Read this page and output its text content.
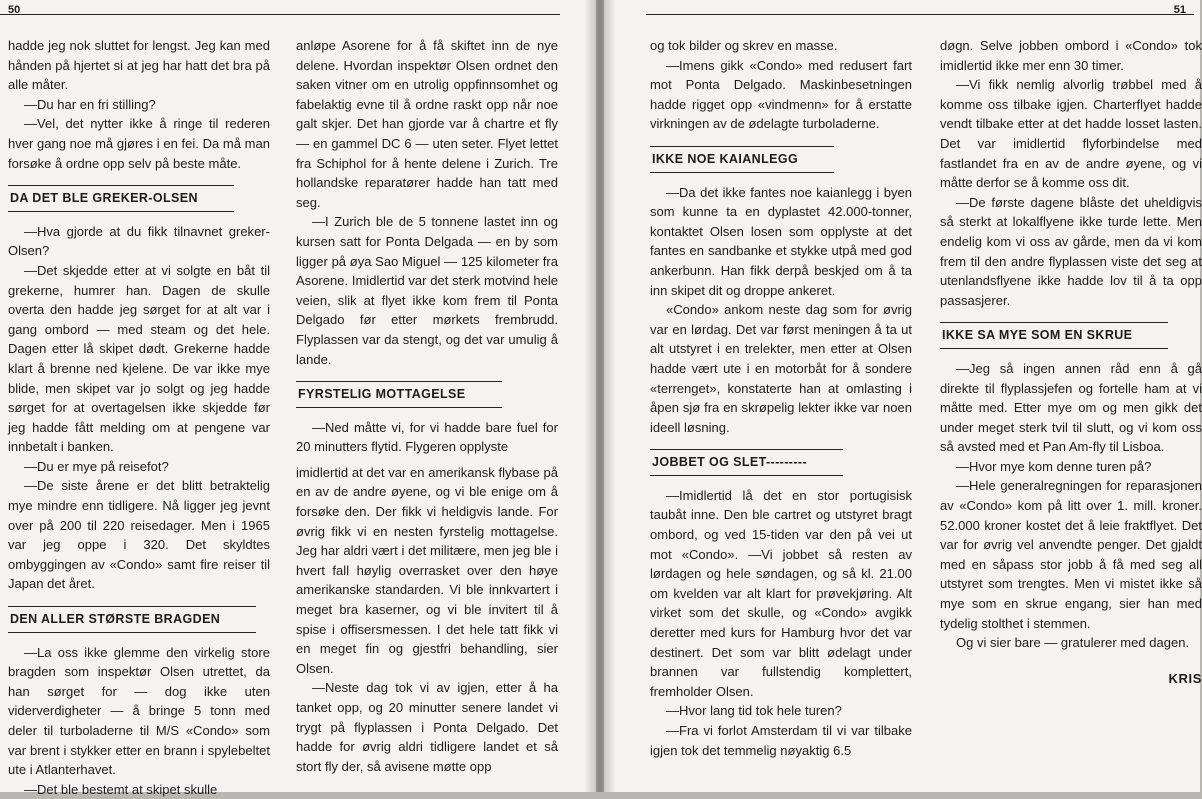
50

hadde jeg nok sluttet for lengst. Jeg kan med hånden på hjertet si at jeg har hatt det bra på alle måter.

—Du har en fri stilling?

—Vel, det nytter ikke å ringe til rederen hver gang noe må gjøres i en fei. Da må man forsøke å ordne opp selv på beste måte.

DA DET BLE GREKER-OLSEN

—Hva gjorde at du fikk tilnavnet greker-Olsen?

—Det skjedde etter at vi solgte en båt til grekerne, humrer han. Dagen de skulle overta den hadde jeg sørget for at alt var i gang ombord — med steam og det hele. Dagen etter lå skipet dødt. Grekerne hadde klart å brenne ned kjelene. De var ikke mye blide, men skipet var jo solgt og jeg hadde sørget for at overtagelsen ikke skjedde før jeg hadde fått melding om at pengene var innbetalt i banken.

—Du er mye på reisefot?

—De siste årene er det blitt betraktelig mye mindre enn tidligere. Nå ligger jeg jevnt over på 200 til 220 reisedager. Men i 1965 var jeg oppe i 320. Det skyldtes ombyggingen av «Condo» samt fire reiser til Japan det året.

DEN ALLER STØRSTE BRAGDEN

—La oss ikke glemme den virkelig store bragden som inspektør Olsen utrettet, da han sørget for — dog ikke uten viderverdigheter — å bringe 5 tonn med deler til turboladerne til M/S «Condo» som var brent i stykker etter en brann i spylebeltet ute i Atlanterhavet.

—Det ble bestemt at skipet skulle

anløpe Asorene for å få skiftet inn de nye delene. Hvordan inspektør Olsen ordnet den saken vitner om en utrolig oppfinnsomhet og fabelaktig evne til å ordne raskt opp når noe galt skjer. Det han gjorde var å chartre et fly — en gammel DC 6 — uten seter. Flyet lettet fra Schiphol for å hente delene i Zurich. Tre hollandske reparatører hadde han tatt med seg.

—I Zurich ble de 5 tonnene lastet inn og kursen satt for Ponta Delgada — en by som ligger på øya Sao Miguel — 125 kilometer fra Asorene. Imidlertid var det sterk motvind hele veien, slik at flyet ikke kom frem til Ponta Delgado før etter mørkets frembrudd. Flyplassen var da stengt, og det var umulig å lande.

FYRSTELIG MOTTAGELSE

—Ned måtte vi, for vi hadde bare fuel for 20 minutters flytid. Flygeren opplyste

imidlertid at det var en amerikansk flybase på en av de andre øyene, og vi ble enige om å forsøke den. Der fikk vi heldigvis lande. For øvrig fikk vi en nesten fyrstelig mottagelse. Jeg har aldri vært i det militære, men jeg ble i hvert fall høylig overrasket over den høye amerikanske standarden. Vi ble innkvartert i meget bra kaserner, og vi ble invitert til å spise i offisersmessen. I det hele tatt fikk vi en meget fin og gjestfri behandling, sier Olsen.

—Neste dag tok vi av igjen, etter å ha tanket opp, og 20 minutter senere landet vi trygt på flyplassen i Ponta Delgado. Det hadde for øvrig aldri tidligere landet et så stort fly der, så avisene møtte opp

51

og tok bilder og skrev en masse.

—Imens gikk «Condo» med redusert fart mot Ponta Delgado. Maskinbesetningen hadde rigget opp «vindmenn» for å erstatte virkningen av de ødelagte turboladerne.

IKKE NOE KAIANLEGG

—Da det ikke fantes noe kaianlegg i byen som kunne ta en dyplastet 42.000-tonner, kontaktet Olsen losen som opplyste at det fantes en sandbanke et stykke utpå med god ankerbunn. Han fikk derpå beskjed om å ta inn skipet dit og droppe ankeret.

«Condo» ankom neste dag som for øvrig var en lørdag. Det var først meningen å ta ut alt utstyret i en trelekter, men etter at Olsen hadde vært ute i en motorbåt for å sondere «terrenget», konstaterte han at omlasting i åpen sjø fra en skrøpelig lekter ikke var noen ideell løsning.

JOBBET OG SLET---------

—Imidlertid lå det en stor portugisisk taubåt inne. Den ble cartret og utstyret bragt ombord, og ved 15-tiden var den på vei ut mot «Condo». —Vi jobbet så resten av lørdagen og hele søndagen, og så kl. 21.00 om kvelden var alt klart for prøvekjøring. Alt virket som det skulle, og «Condo» avgikk deretter med kurs for Hamburg hvor det var destinert. Det som var blitt ødelagt under brannen var fullstendig komplettert, fremholder Olsen.

—Hvor lang tid tok hele turen?

—Fra vi forlot Amsterdam til vi var tilbake igjen tok det temmelig nøyaktig 6.5

døgn. Selve jobben ombord i «Condo» tok imidlertid ikke mer enn 30 timer.

—Vi fikk nemlig alvorlig trøbbel med å komme oss tilbake igjen. Charterflyet hadde vendt tilbake etter at det hadde losset lasten. Det var imidlertid flyforbindelse med fastlandet fra en av de andre øyene, og vi måtte derfor se å komme oss dit.

—De første dagene blåste det uheldigvis så sterkt at lokalflyene ikke turde lette. Men endelig kom vi oss av gårde, men da vi kom frem til den andre flyplassen viste det seg at utenlandsflyene ikke hadde lov til å ta opp passasjerer.

IKKE SA MYE SOM EN SKRUE

—Jeg så ingen annen råd enn å gå direkte til flyplassjefen og fortelle ham at vi måtte med. Etter mye om og men gikk det under meget sterk tvil til slutt, og vi kom oss så avsted med et Pan Am-fly til Lisboa.

—Hvor mye kom denne turen på?

—Hele generalregningen for reparasjonen av «Condo» kom på litt over 1. mill. kroner. 52.000 kroner kostet det å leie fraktflyet. Det var for øvrig vel anvendte penger. Det gjaldt med en såpass stor jobb å få med seg all utstyret som trengtes. Men vi mistet ikke så mye som en skrue engang, sier han med tydelig stolthet i stemmen.

Og vi sier bare — gratulerer med dagen.

KRIS
